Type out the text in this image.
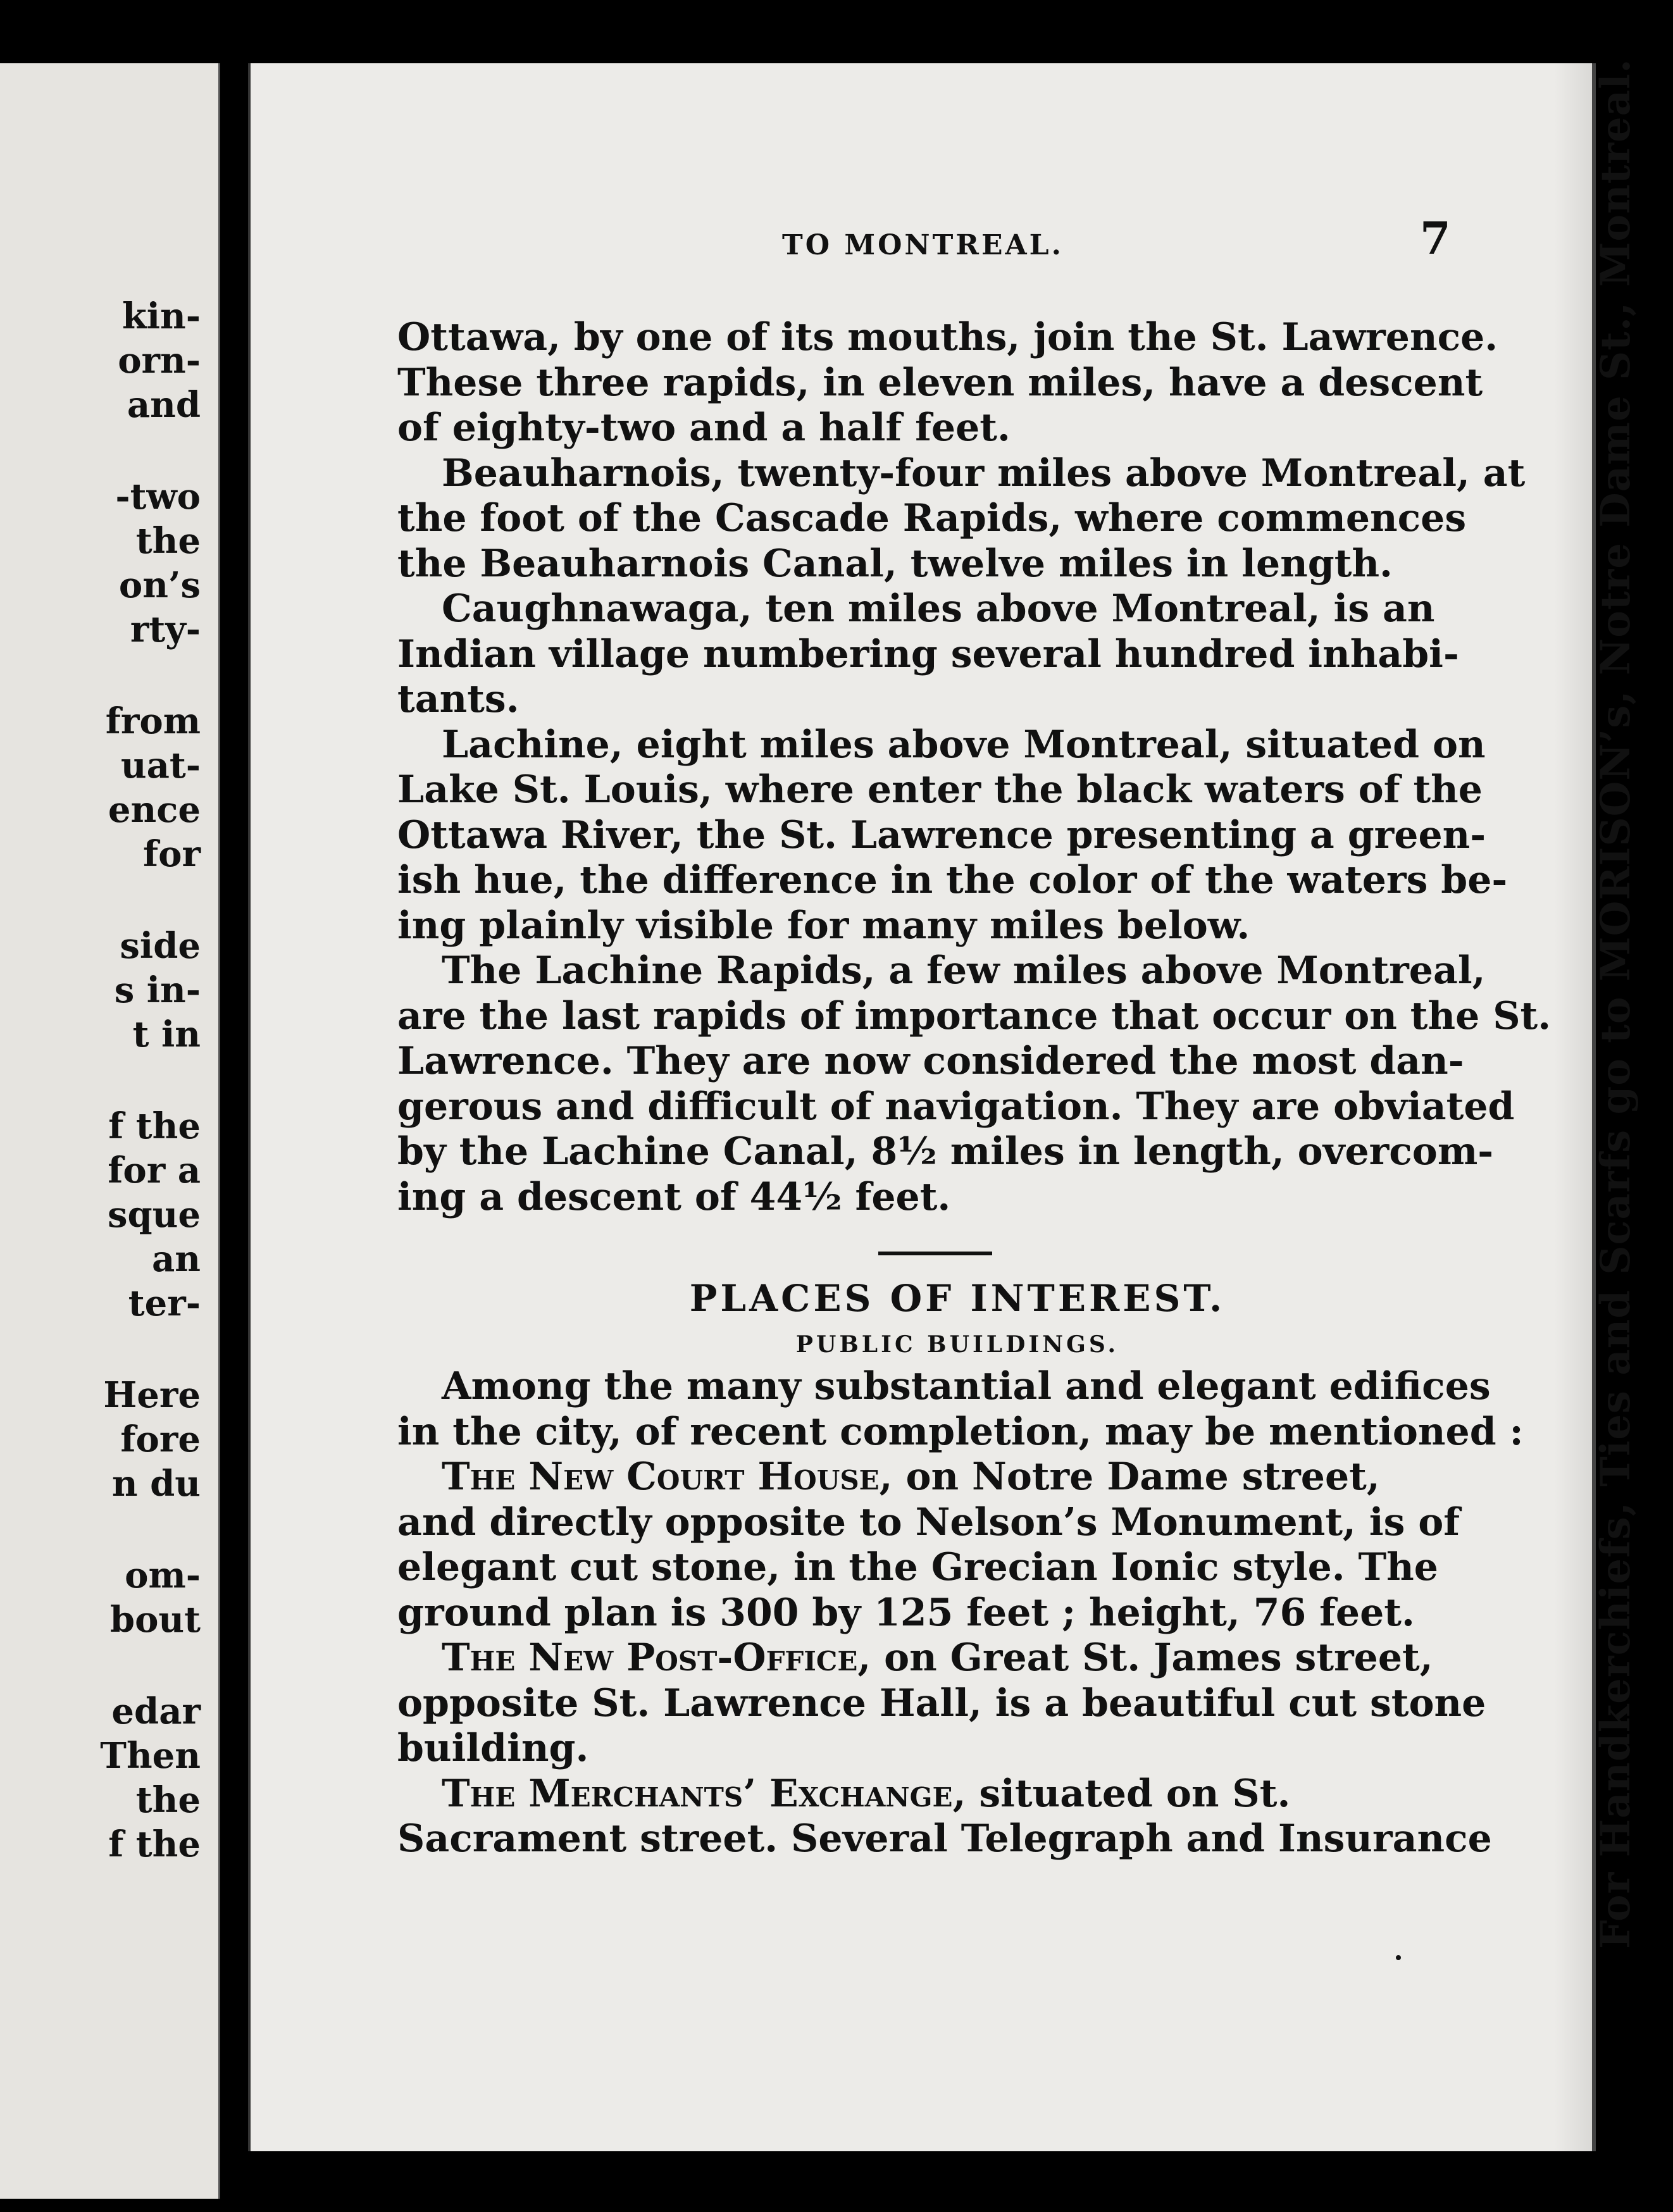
kin-
orn-
and
-two
the
on’s
rty-
from
uat-
ence
for
side
s in-
t in
f the
for a
sque
an
ter-
Here
fore
n du
om-
bout
edar
Then
the
f the
TO MONTREAL.	7
Ottawa, by one of its mouths, join the St. Lawrence.
These three rapids, in eleven miles, have a descent
of eighty-two and a half feet.
Beauharnois, twenty-four miles above Montreal, at
the foot of the Cascade Rapids, where commences
the Beauharnois Canal, twelve miles in length.
Caughnawaga, ten miles above Montreal, is an
Indian village numbering several hundred inhabi-
tants.
Lachine, eight miles above Montreal, situated on
Lake St. Louis, where enter the black waters of the
Ottawa River, the St. Lawrence presenting a green-
ish hue, the difference in the color of the waters be-
ing plainly visible for many miles below.
The Lachine Rapids, a few miles above Montreal,
are the last rapids of importance that occur on the St.
Lawrence. They are now considered the most dan-
gerous and difficult of navigation. They are obviated
by the Lachine Canal, 8½ miles in length, overcom-
ing a descent of 44½ feet.
PLACES OF INTEREST.
PUBLIC BUILDINGS.
Among the many substantial and elegant edifices
in the city, of recent completion, may be mentioned :
The New Court House , on Notre Dame street,
and directly opposite to Nelson’s Monument, is of
elegant cut stone, in the Grecian Ionic style. The
ground plan is 300 by 125 feet ; height, 76 feet.
The New Post-Office , on Great St. James street,
opposite St. Lawrence Hall, is a beautiful cut stone
building.
The Merchants’ Exchange , situated on St.
Sacrament street. Several Telegraph and Insurance For Handkerchiefs, Ties and Scarfs go to MORISON’s, Notre Dame St., Montreal.
